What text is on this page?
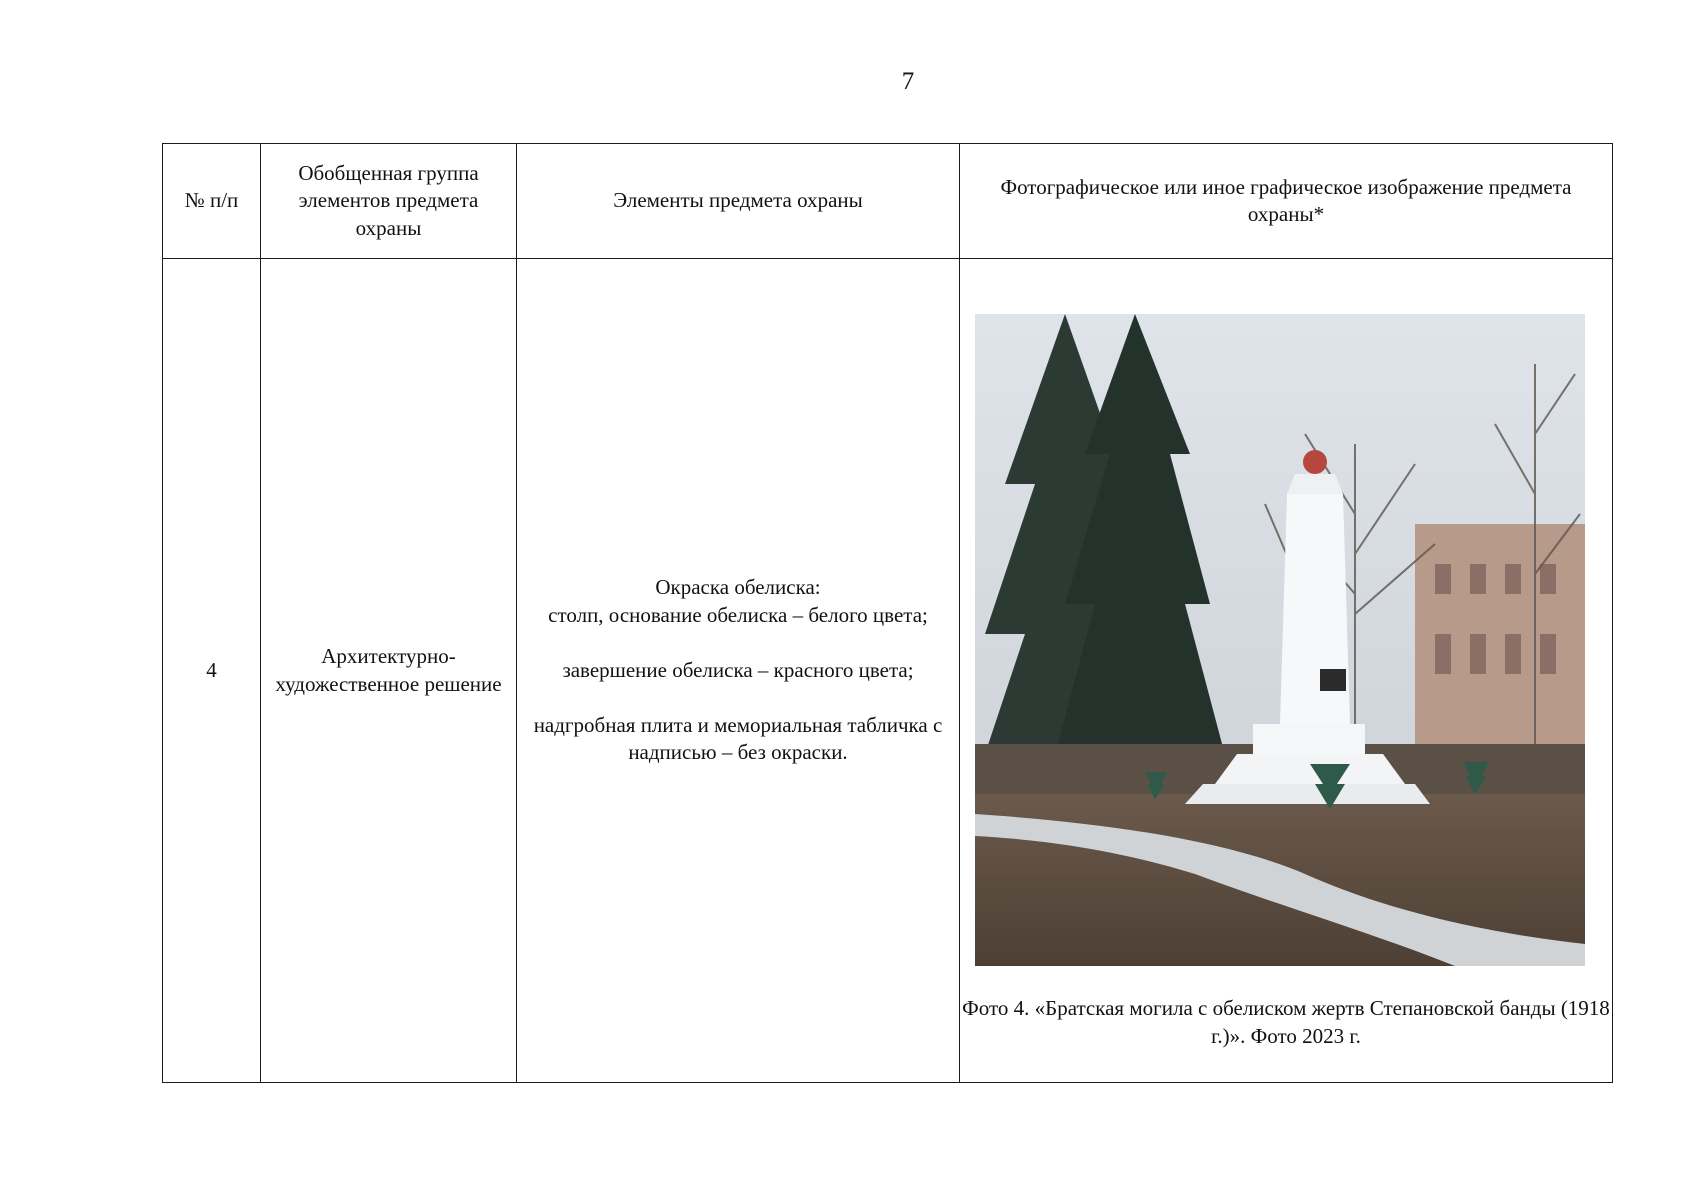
7
№ п/п	Обобщенная группа элементов предмета охраны	Элементы предмета охраны	Фотографическое или иное графическое изображение предмета охраны*
4	Архитектурно-художественное решение	Окраска обелиска:

столп, основание обелиска – белого цвета;

завершение обелиска – красного цвета;

надгробная плита и мемориальная табличка с надписью – без окраски.	Фото 4. «Братская могила с обелиском жертв Степановской банды (1918 г.)». Фото 2023 г.
